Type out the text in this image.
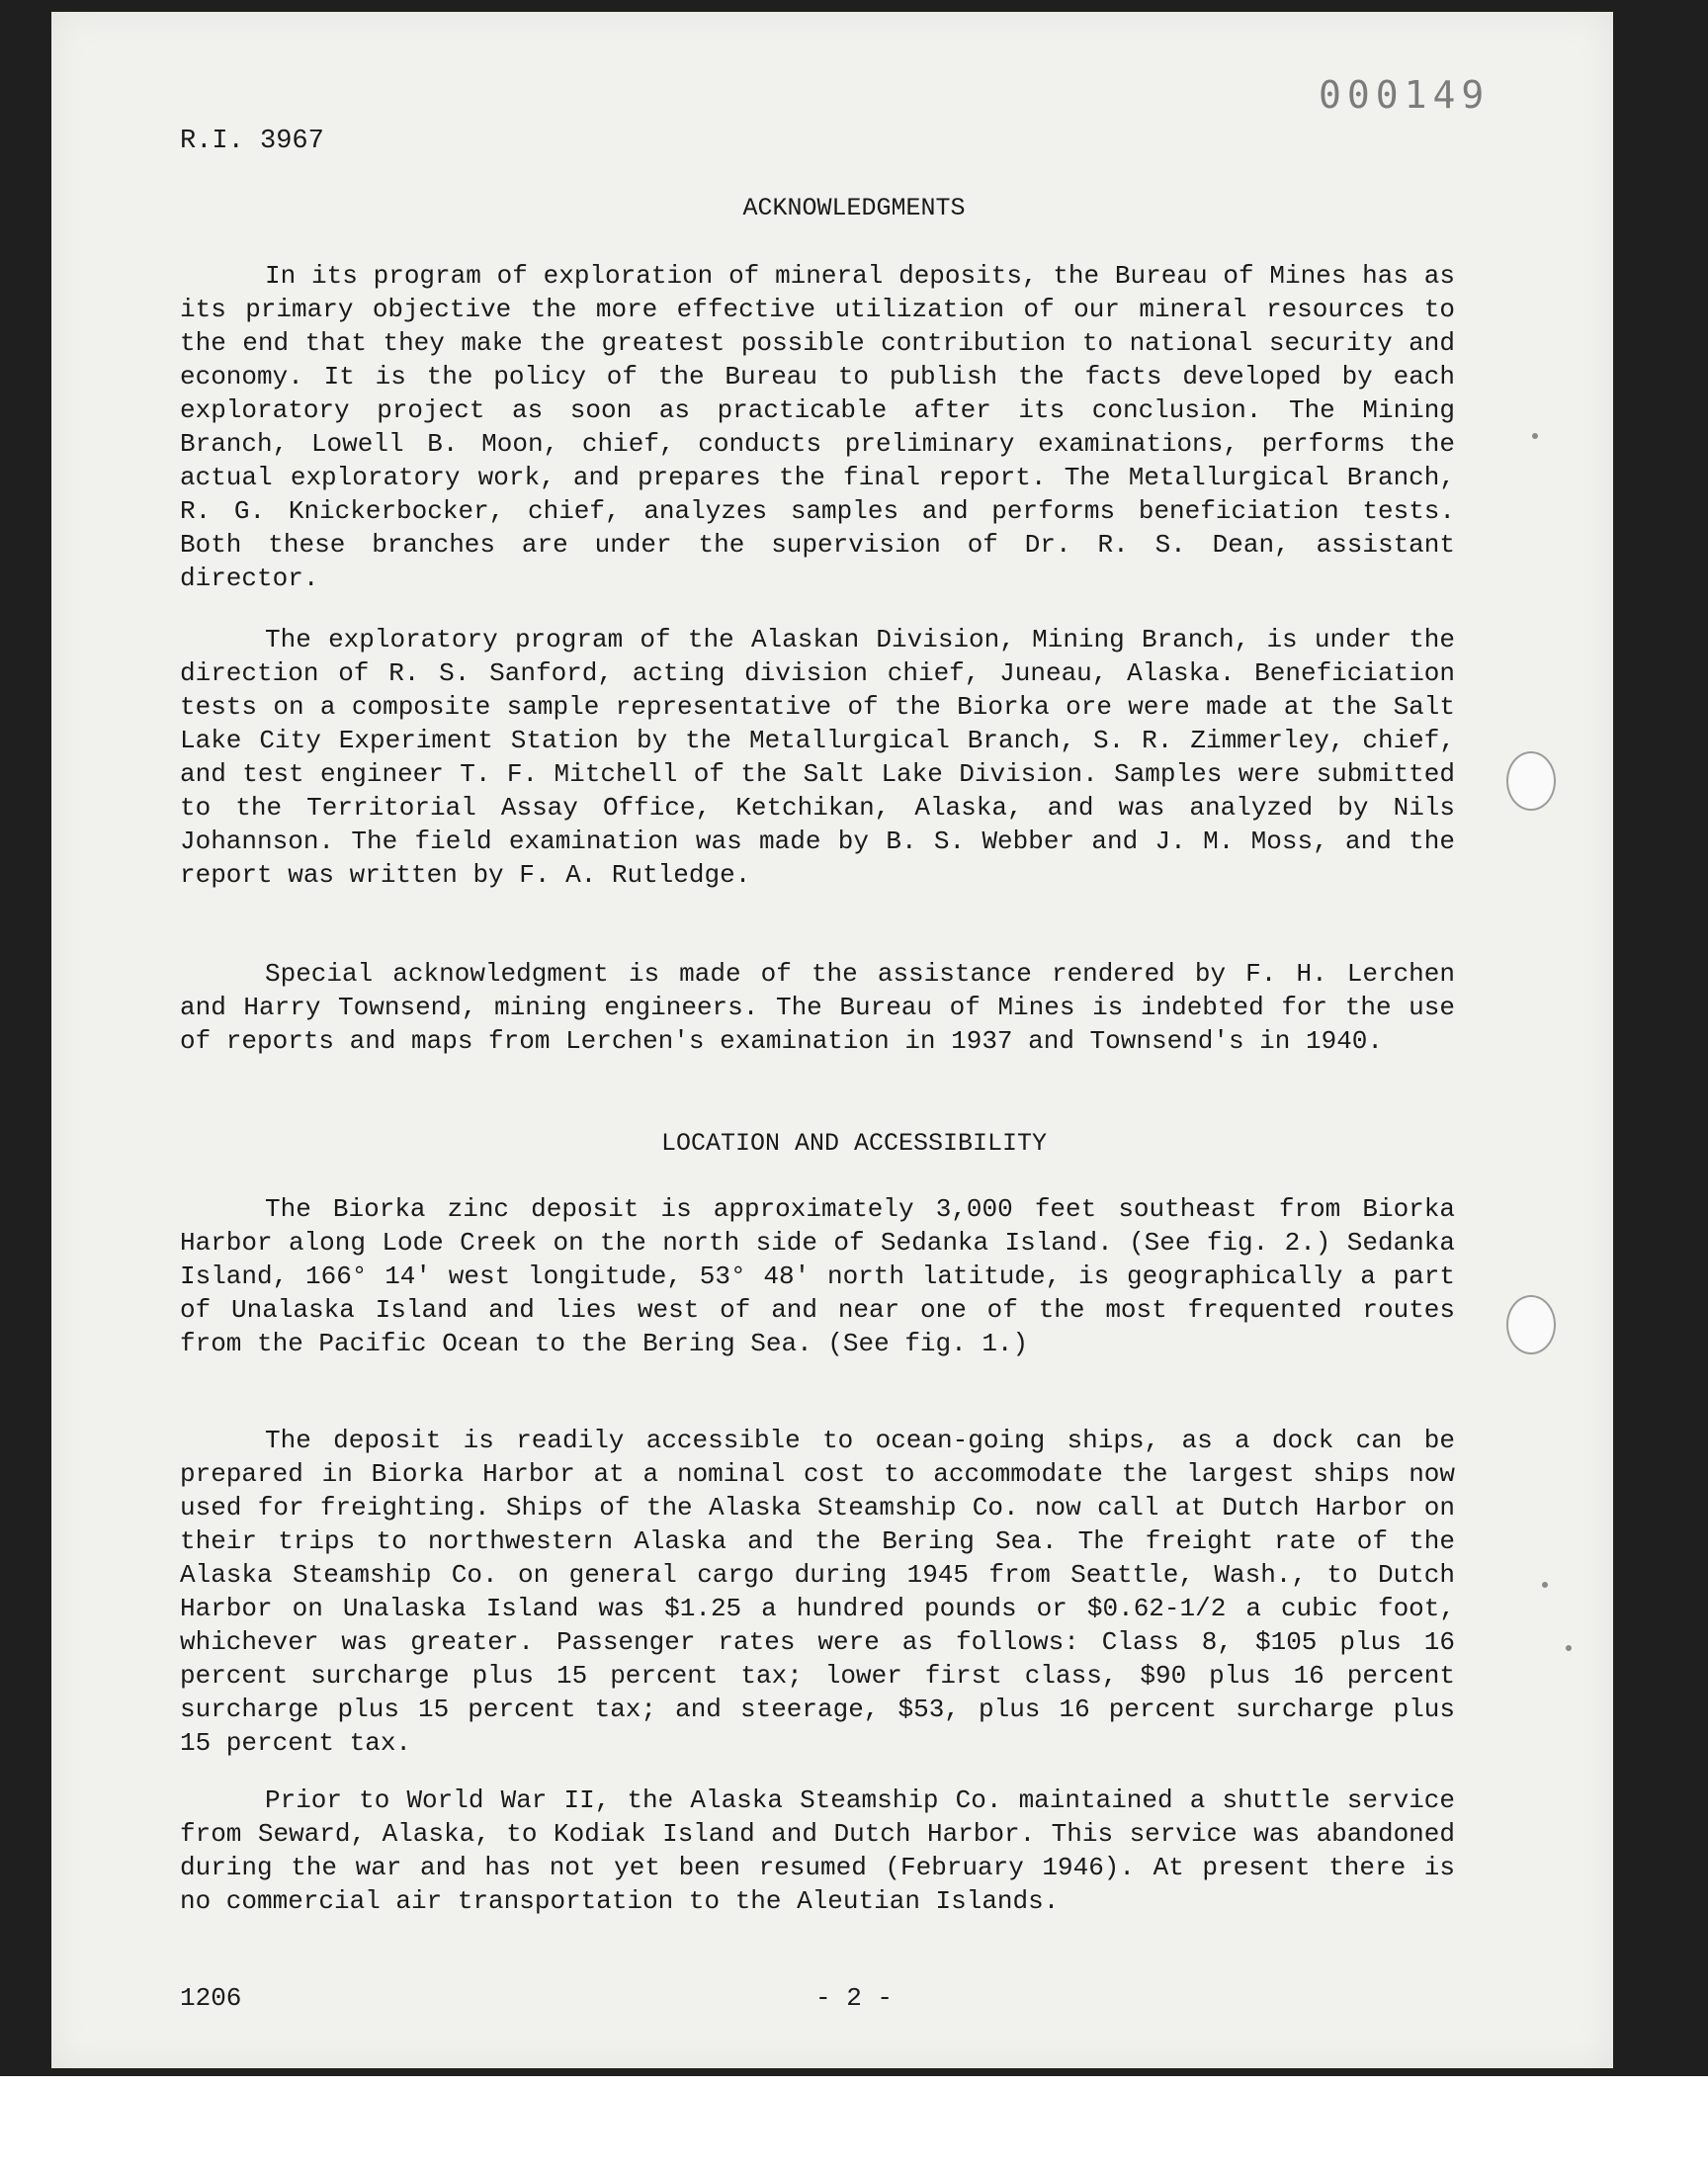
000149
R.I. 3967
ACKNOWLEDGMENTS
In its program of exploration of mineral deposits, the Bureau of Mines has as its primary objective the more effective utilization of our mineral resources to the end that they make the greatest possible contribution to national security and economy. It is the policy of the Bureau to publish the facts developed by each exploratory project as soon as practicable after its conclusion. The Mining Branch, Lowell B. Moon, chief, conducts preliminary examinations, performs the actual exploratory work, and prepares the final report. The Metallurgical Branch, R. G. Knickerbocker, chief, analyzes samples and performs beneficiation tests. Both these branches are under the supervision of Dr. R. S. Dean, assistant director.
The exploratory program of the Alaskan Division, Mining Branch, is under the direction of R. S. Sanford, acting division chief, Juneau, Alaska. Beneficiation tests on a composite sample representative of the Biorka ore were made at the Salt Lake City Experiment Station by the Metallurgical Branch, S. R. Zimmerley, chief, and test engineer T. F. Mitchell of the Salt Lake Division. Samples were submitted to the Territorial Assay Office, Ketchikan, Alaska, and was analyzed by Nils Johannson. The field examination was made by B. S. Webber and J. M. Moss, and the report was written by F. A. Rutledge.
Special acknowledgment is made of the assistance rendered by F. H. Lerchen and Harry Townsend, mining engineers. The Bureau of Mines is indebted for the use of reports and maps from Lerchen's examination in 1937 and Townsend's in 1940.
LOCATION AND ACCESSIBILITY
The Biorka zinc deposit is approximately 3,000 feet southeast from Biorka Harbor along Lode Creek on the north side of Sedanka Island. (See fig. 2.) Sedanka Island, 166° 14' west longitude, 53° 48' north latitude, is geographically a part of Unalaska Island and lies west of and near one of the most frequented routes from the Pacific Ocean to the Bering Sea. (See fig. 1.)
The deposit is readily accessible to ocean-going ships, as a dock can be prepared in Biorka Harbor at a nominal cost to accommodate the largest ships now used for freighting. Ships of the Alaska Steamship Co. now call at Dutch Harbor on their trips to northwestern Alaska and the Bering Sea. The freight rate of the Alaska Steamship Co. on general cargo during 1945 from Seattle, Wash., to Dutch Harbor on Unalaska Island was $1.25 a hundred pounds or $0.62-1/2 a cubic foot, whichever was greater. Passenger rates were as follows: Class 8, $105 plus 16 percent surcharge plus 15 percent tax; lower first class, $90 plus 16 percent surcharge plus 15 percent tax; and steerage, $53, plus 16 percent surcharge plus 15 percent tax.
Prior to World War II, the Alaska Steamship Co. maintained a shuttle service from Seward, Alaska, to Kodiak Island and Dutch Harbor. This service was abandoned during the war and has not yet been resumed (February 1946). At present there is no commercial air transportation to the Aleutian Islands.
1206	- 2 -
